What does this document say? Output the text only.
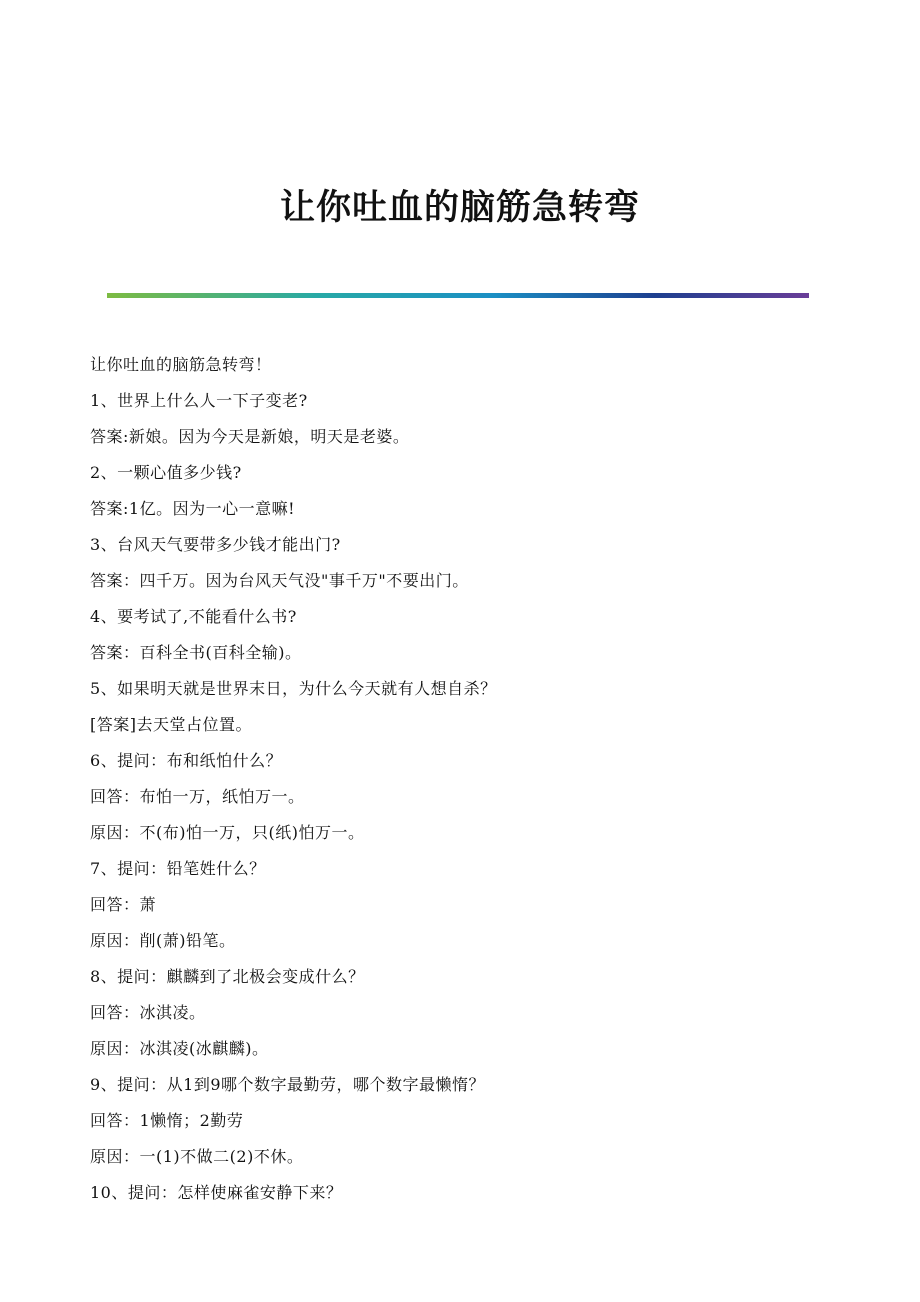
让你吐血的脑筋急转弯
让你吐血的脑筋急转弯！
1、世界上什么人一下子变老?
答案:新娘。因为今天是新娘，明天是老婆。
2、一颗心值多少钱?
答案:1亿。因为一心一意嘛!
3、台风天气要带多少钱才能出门?
答案：四千万。因为台风天气没"事千万"不要出门。
4、要考试了,不能看什么书?
答案：百科全书(百科全输)。
5、如果明天就是世界末日，为什么今天就有人想自杀？
[答案]去天堂占位置。
6、提问：布和纸怕什么？
回答：布怕一万，纸怕万一。
原因：不(布)怕一万，只(纸)怕万一。
7、提问：铅笔姓什么？
回答：萧
原因：削(萧)铅笔。
8、提问：麒麟到了北极会变成什么？
回答：冰淇凌。
原因：冰淇凌(冰麒麟)。
9、提问：从1到9哪个数字最勤劳，哪个数字最懒惰？
回答：1懒惰；2勤劳
原因：一(1)不做二(2)不休。
10、提问：怎样使麻雀安静下来？
